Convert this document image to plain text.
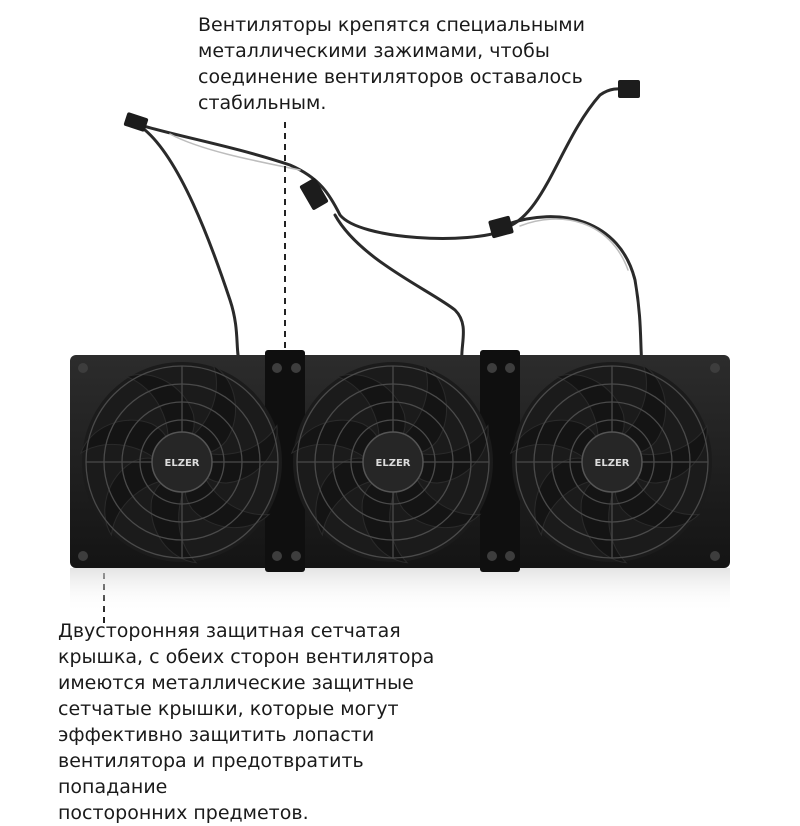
Вентиляторы крепятся специальными
металлическими зажимами, чтобы
соединение вентиляторов оставалось
стабильным.

ELZER	ELZER	ELZER

Двусторонняя защитная сетчатая
крышка, с обеих сторон вентилятора
имеются металлические защитные
сетчатые крышки, которые могут
эффективно защитить лопасти
вентилятора и предотвратить попадание
посторонних предметов.
